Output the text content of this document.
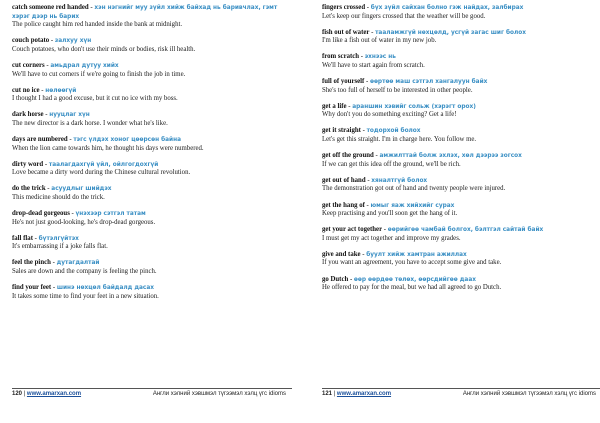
catch someone red handed - хэн нэгнийг муу зүйл хийж байхад нь баривчлах, гэмт хэрэг дээр нь барих
The police caught him red handed inside the bank at midnight.
couch potato - залхуу хүн
Couch potatoes, who don't use their minds or bodies, risk ill health.
cut corners - амьдрал дутуу хийх
We'll have to cut corners if we're going to finish the job in time.
cut no ice - нөлөөгүй
I thought I had a good excuse, but it cut no ice with my boss.
dark horse - нууцлаг хүн
The new director is a dark horse. I wonder what he's like.
days are numbered - тэгс үлдэх хоног цөөрсөн байна
When the lion came towards him, he thought his days were numbered.
dirty word - таалагдахгүй үйл, ойлгогдохгүй
Love became a dirty word during the Chinese cultural revolution.
do the trick - асуудлыг шийдэх
This medicine should do the trick.
drop-dead gorgeous - үнэхээр сэтгэл татам
He's not just good-looking, he's drop-dead gorgeous.
fall flat - бүтэлгүйтэх
It's embarrassing if a joke falls flat.
feel the pinch - дутагдалтай
Sales are down and the company is feeling the pinch.
find your feet - шинэ нөхцөл байдалд дасах
It takes some time to find your feet in a new situation.
fingers crossed - бүх зүйл сайхан болно гэж найдах, залбирах
Let's keep our fingers crossed that the weather will be good.
fish out of water - тааламжгүй нөхцөлд, усгүй загас шиг болох
I'm like a fish out of water in my new job.
from scratch - эхнээс нь
We'll have to start again from scratch.
full of yourself - өөртөө маш сэтгэл хангалуун байх
She's too full of herself to be interested in other people.
get a life - араншин хэвийг сольж (хэрэгт орох)
Why don't you do something exciting? Get a life!
get it straight - тодорхой болох
Let's get this straight. I'm in charge here. You follow me.
get off the ground - амжилттай болж эхлэх, хөл дээрээ зогсох
If we can get this idea off the ground, we'll be rich.
get out of hand - хяналтгүй болох
The demonstration got out of hand and twenty people were injured.
get the hang of - юмыг яаж хийхийг сурах
Keep practising and you'll soon get the hang of it.
get your act together - өөрийгөө чамбай болгох, бэлтгэл сайтай байх
I must get my act together and improve my grades.
give and take - буулт хийж хамтран ажиллах
If you want an agreement, you have to accept some give and take.
go Dutch - өөр өөрдөө төлөх, өөрсдийгөө даах
He offered to pay for the meal, but we had all agreed to go Dutch.
120 | www.amarxan.com	Англи хэлний хэвшмэл түгээмэл хэлц үгс idioms	121 | www.amarxan.com	Англи хэлний хэвшмэл түгээмэл хэлц үгс idioms
